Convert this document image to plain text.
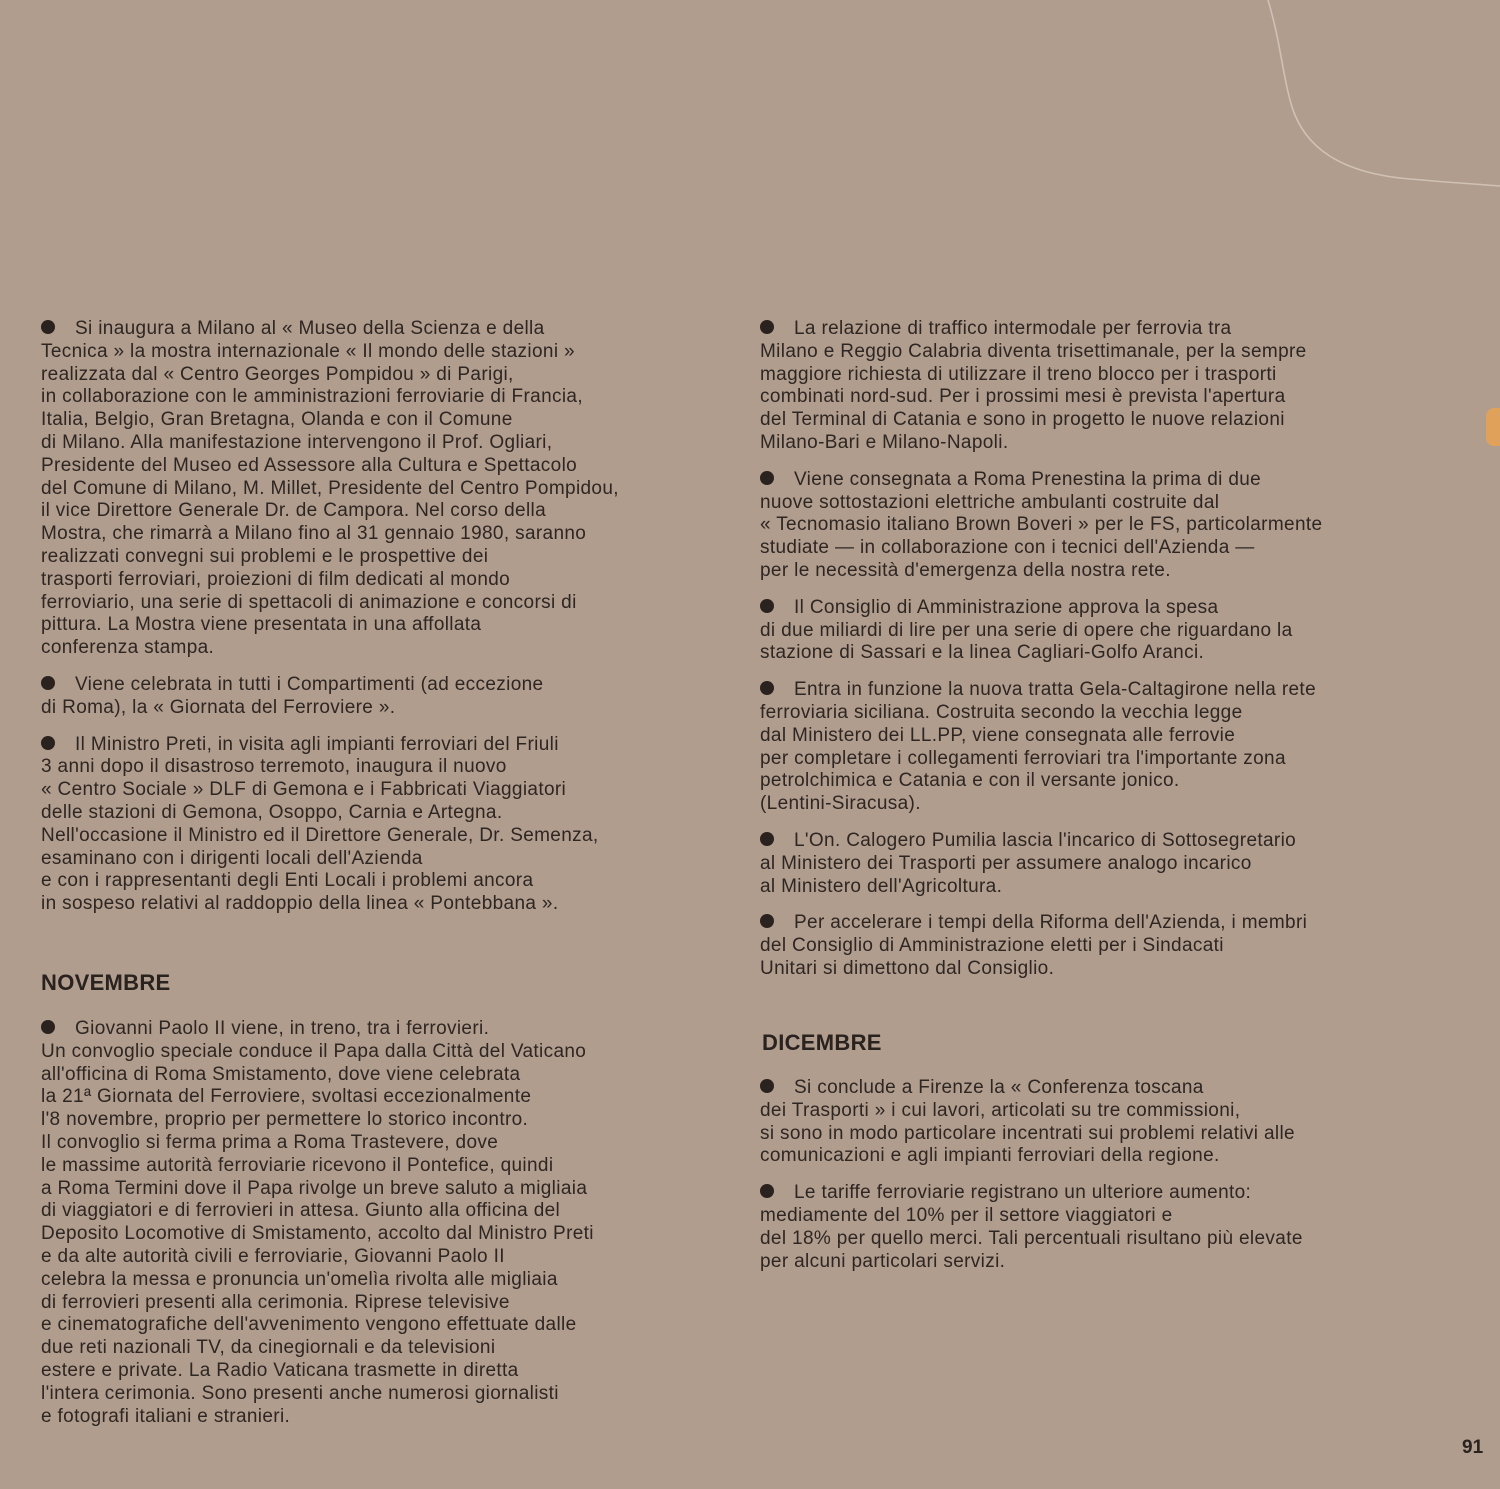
Si inaugura a Milano al « Museo della Scienza e della
Tecnica » la mostra internazionale « Il mondo delle stazioni »
realizzata dal « Centro Georges Pompidou » di Parigi,
in collaborazione con le amministrazioni ferroviarie di Francia,
Italia, Belgio, Gran Bretagna, Olanda e con il Comune
di Milano. Alla manifestazione intervengono il Prof. Ogliari,
Presidente del Museo ed Assessore alla Cultura e Spettacolo
del Comune di Milano, M. Millet, Presidente del Centro Pompidou,
il vice Direttore Generale Dr. de Campora. Nel corso della
Mostra, che rimarrà a Milano fino al 31 gennaio 1980, saranno
realizzati convegni sui problemi e le prospettive dei
trasporti ferroviari, proiezioni di film dedicati al mondo
ferroviario, una serie di spettacoli di animazione e concorsi di
pittura. La Mostra viene presentata in una affollata
conferenza stampa.

Viene celebrata in tutti i Compartimenti (ad eccezione
di Roma), la « Giornata del Ferroviere ».

Il Ministro Preti, in visita agli impianti ferroviari del Friuli
3 anni dopo il disastroso terremoto, inaugura il nuovo
« Centro Sociale » DLF di Gemona e i Fabbricati Viaggiatori
delle stazioni di Gemona, Osoppo, Carnia e Artegna.
Nell'occasione il Ministro ed il Direttore Generale, Dr. Semenza,
esaminano con i dirigenti locali dell'Azienda
e con i rappresentanti degli Enti Locali i problemi ancora
in sospeso relativi al raddoppio della linea « Pontebbana ».

NOVEMBRE

Giovanni Paolo II viene, in treno, tra i ferrovieri.
Un convoglio speciale conduce il Papa dalla Città del Vaticano
all'officina di Roma Smistamento, dove viene celebrata
la 21ª Giornata del Ferroviere, svoltasi eccezionalmente
l'8 novembre, proprio per permettere lo storico incontro.
Il convoglio si ferma prima a Roma Trastevere, dove
le massime autorità ferroviarie ricevono il Pontefice, quindi
a Roma Termini dove il Papa rivolge un breve saluto a migliaia
di viaggiatori e di ferrovieri in attesa. Giunto alla officina del
Deposito Locomotive di Smistamento, accolto dal Ministro Preti
e da alte autorità civili e ferroviarie, Giovanni Paolo II
celebra la messa e pronuncia un'omelìa rivolta alle migliaia
di ferrovieri presenti alla cerimonia. Riprese televisive
e cinematografiche dell'avvenimento vengono effettuate dalle
due reti nazionali TV, da cinegiornali e da televisioni
estere e private. La Radio Vaticana trasmette in diretta
l'intera cerimonia. Sono presenti anche numerosi giornalisti
e fotografi italiani e stranieri.

La relazione di traffico intermodale per ferrovia tra
Milano e Reggio Calabria diventa trisettimanale, per la sempre
maggiore richiesta di utilizzare il treno blocco per i trasporti
combinati nord-sud. Per i prossimi mesi è prevista l'apertura
del Terminal di Catania e sono in progetto le nuove relazioni
Milano-Bari e Milano-Napoli.

Viene consegnata a Roma Prenestina la prima di due
nuove sottostazioni elettriche ambulanti costruite dal
« Tecnomasio italiano Brown Boveri » per le FS, particolarmente
studiate — in collaborazione con i tecnici dell'Azienda —
per le necessità d'emergenza della nostra rete.

Il Consiglio di Amministrazione approva la spesa
di due miliardi di lire per una serie di opere che riguardano la
stazione di Sassari e la linea Cagliari-Golfo Aranci.

Entra in funzione la nuova tratta Gela-Caltagirone nella rete
ferroviaria siciliana. Costruita secondo la vecchia legge
dal Ministero dei LL.PP, viene consegnata alle ferrovie
per completare i collegamenti ferroviari tra l'importante zona
petrolchimica e Catania e con il versante jonico.
(Lentini-Siracusa).

L'On. Calogero Pumilia lascia l'incarico di Sottosegretario
al Ministero dei Trasporti per assumere analogo incarico
al Ministero dell'Agricoltura.

Per accelerare i tempi della Riforma dell'Azienda, i membri
del Consiglio di Amministrazione eletti per i Sindacati
Unitari si dimettono dal Consiglio.

DICEMBRE

Si conclude a Firenze la « Conferenza toscana
dei Trasporti » i cui lavori, articolati su tre commissioni,
si sono in modo particolare incentrati sui problemi relativi alle
comunicazioni e agli impianti ferroviari della regione.

Le tariffe ferroviarie registrano un ulteriore aumento:
mediamente del 10% per il settore viaggiatori e
del 18% per quello merci. Tali percentuali risultano più elevate
per alcuni particolari servizi.

91
